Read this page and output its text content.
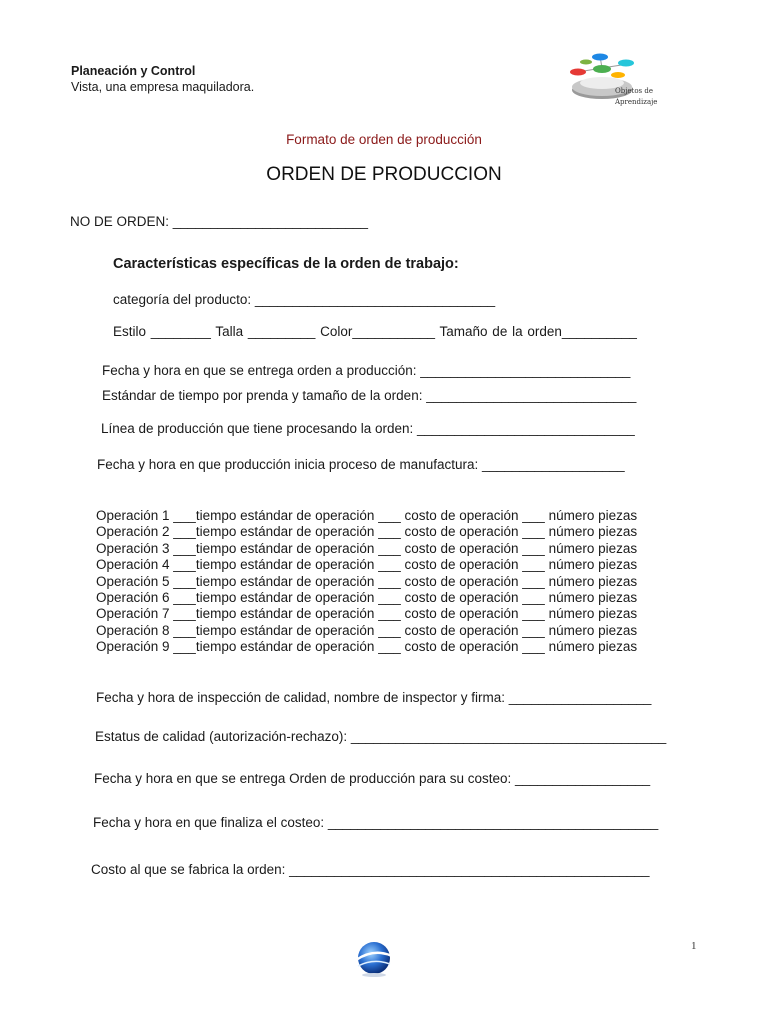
Planeación y Control
Vista, una empresa maquiladora.	Objetos de
Aprendizaje
Formato de orden de producción
ORDEN DE PRODUCCION
NO DE ORDEN: __________________________
Características específicas de la orden de trabajo:
categoría del producto: ________________________________
Estilo ________ Talla _________ Color___________ Tamaño de la orden__________
Fecha y hora en que se entrega orden a producción: ____________________________
Estándar de tiempo por prenda y tamaño de la orden: ____________________________
Línea de producción que tiene procesando la orden: _____________________________
Fecha y hora en que producción inicia proceso de manufactura: ___________________
Operación 1 ___tiempo estándar de operación ___ costo de operación ___ número piezas
Operación 2 ___tiempo estándar de operación ___ costo de operación ___ número piezas
Operación 3 ___tiempo estándar de operación ___ costo de operación ___ número piezas
Operación 4 ___tiempo estándar de operación ___ costo de operación ___ número piezas
Operación 5 ___tiempo estándar de operación ___ costo de operación ___ número piezas
Operación 6 ___tiempo estándar de operación ___ costo de operación ___ número piezas
Operación 7 ___tiempo estándar de operación ___ costo de operación ___ número piezas
Operación 8 ___tiempo estándar de operación ___ costo de operación ___ número piezas
Operación 9 ___tiempo estándar de operación ___ costo de operación ___ número piezas
Fecha y hora de inspección de calidad, nombre de inspector y firma: ___________________
Estatus de calidad (autorización-rechazo): __________________________________________
Fecha y hora en que se entrega Orden de producción para su costeo: __________________
Fecha y hora en que finaliza el costeo: ____________________________________________
Costo al que se fabrica la orden: ________________________________________________
1
